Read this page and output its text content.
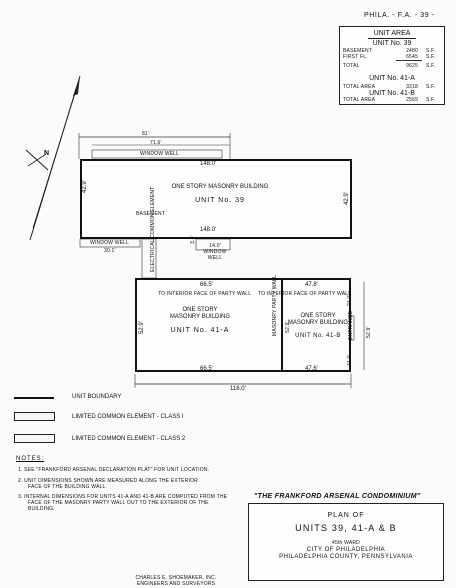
PHILA. - F.A. - 39 -
UNIT AREA
UNIT No. 39
BASEMENT	2480 S.F.
FIRST FL.	6545 S.F.
TOTAL	9625 S.F.
UNIT No. 41-A
TOTAL AREA	3318 S.F.
UNIT No. 41-B
TOTAL AREA	2569 S.F.
N
81'
71.6'
WINDOW WELL
148.0'
148.0'
42.9'
42.9'
ONE STORY MASONRY BUILDING
UNIT No. 39
BASEMENT
WINDOW WELL
30.1'	ELECTRICAL COMMON ELEMENT	3.8'
14.0' WINDOW WELL
66.5'
TO INTERIOR FACE OF PARTY WALL
ONE STORY
MASONRY BUILDING
UNIT No. 41-A
52.9'
66.5'
MASONRY PARTY WALL 52.9'
47.8'
TO INTERIOR FACE OF PARTY WALL
ONE STORY
MASONRY BUILDING
UNIT No. 41-B
47.6'
52.9'
ENTRANCE
21.0'
21.0'
116.0'
UNIT BOUNDARY
LIMITED COMMON ELEMENT - CLASS I
LIMITED COMMON ELEMENT - CLASS 2
NOTES:
1. SEE "FRANKFORD ARSENAL DECLARATION PLAT" FOR UNIT LOCATION.
2. UNIT DIMENSIONS SHOWN ARE MEASURED ALONG THE EXTERIOR
FACE OF THE BUILDING WALL.
3. INTERNAL DIMENSIONS FOR UNITS 41-A AND 41-B ARE COMPUTED FROM THE
FACE OF THE MASONRY PARTY WALL OUT TO THE EXTERIOR OF THE
BUILDING.
"THE FRANKFORD ARSENAL CONDOMINIUM"
PLAN OF
UNITS 39, 41-A & B
45th WARD
CITY OF PHILADELPHIA
PHILADELPHIA COUNTY, PENNSYLVANIA
CHARLES E. SHOEMAKER, INC.
ENGINEERS AND SURVEYORS
